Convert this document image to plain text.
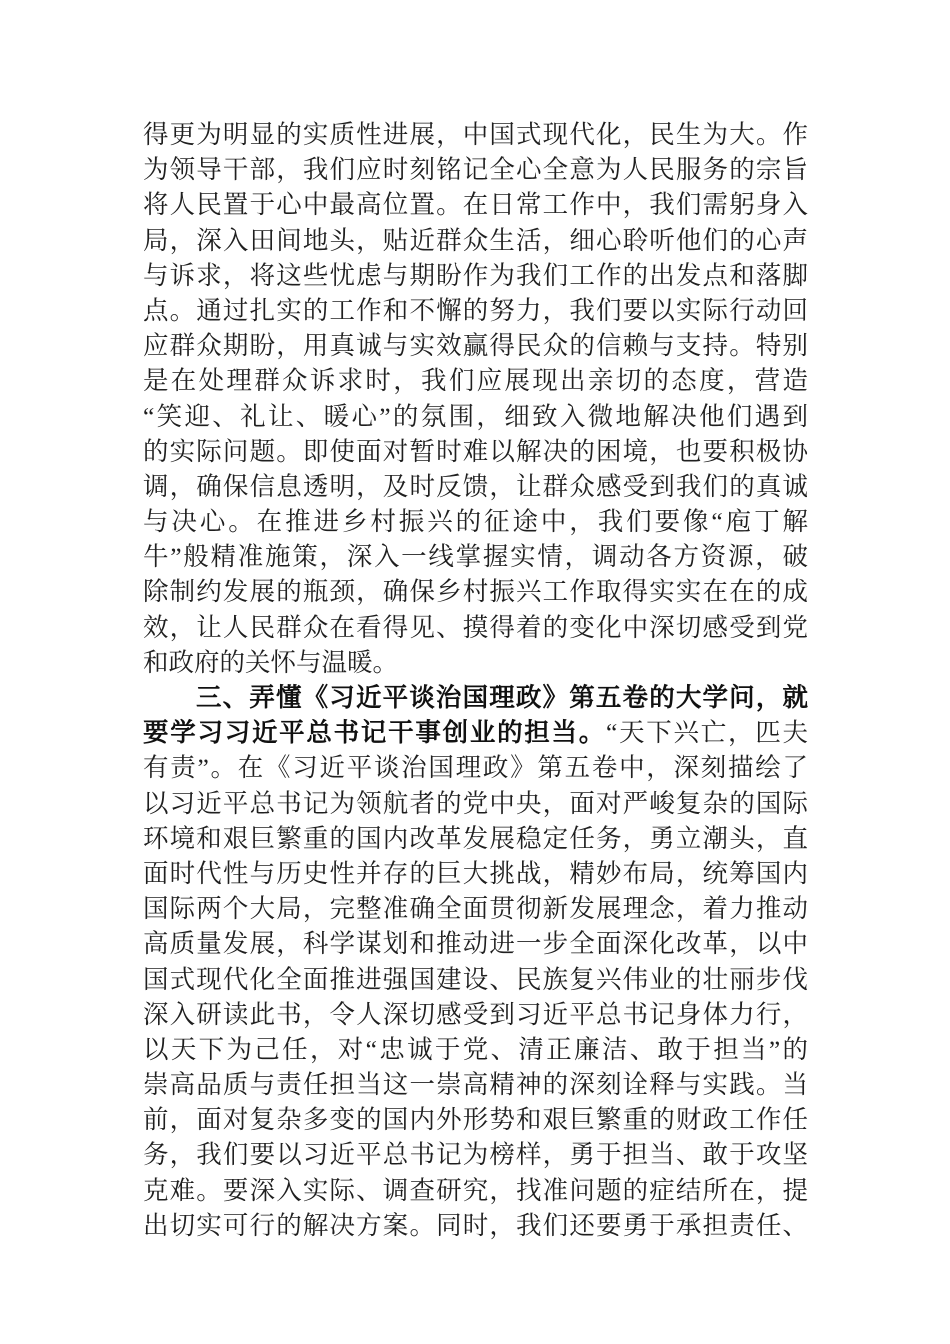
得更为明显的实质性进展，中国式现代化，民生为大。作
为领导干部，我们应时刻铭记全心全意为人民服务的宗旨
将人民置于心中最高位置。在日常工作中，我们需躬身入
局，深入田间地头，贴近群众生活，细心聆听他们的心声
与诉求，将这些忧虑与期盼作为我们工作的出发点和落脚
点。通过扎实的工作和不懈的努力，我们要以实际行动回
应群众期盼，用真诚与实效赢得民众的信赖与支持。特别
是在处理群众诉求时，我们应展现出亲切的态度，营造
“笑迎、礼让、暖心”的氛围，细致入微地解决他们遇到
的实际问题。即使面对暂时难以解决的困境，也要积极协
调，确保信息透明，及时反馈，让群众感受到我们的真诚
与决心。在推进乡村振兴的征途中，我们要像“庖丁解
牛”般精准施策，深入一线掌握实情，调动各方资源，破
除制约发展的瓶颈，确保乡村振兴工作取得实实在在的成
效，让人民群众在看得见、摸得着的变化中深切感受到党
和政府的关怀与温暖。
三、弄懂《习近平谈治国理政》第五卷的大学问，就
要学习习近平总书记干事创业的担当。“天下兴亡，匹夫
有责”。在《习近平谈治国理政》第五卷中，深刻描绘了
以习近平总书记为领航者的党中央，面对严峻复杂的国际
环境和艰巨繁重的国内改革发展稳定任务，勇立潮头，直
面时代性与历史性并存的巨大挑战，精妙布局，统筹国内
国际两个大局，完整准确全面贯彻新发展理念，着力推动
高质量发展，科学谋划和推动进一步全面深化改革，以中
国式现代化全面推进强国建设、民族复兴伟业的壮丽步伐
深入研读此书，令人深切感受到习近平总书记身体力行，
以天下为己任，对“忠诚于党、清正廉洁、敢于担当”的
崇高品质与责任担当这一崇高精神的深刻诠释与实践。当
前，面对复杂多变的国内外形势和艰巨繁重的财政工作任
务，我们要以习近平总书记为榜样，勇于担当、敢于攻坚
克难。要深入实际、调查研究，找准问题的症结所在，提
出切实可行的解决方案。同时，我们还要勇于承担责任、
